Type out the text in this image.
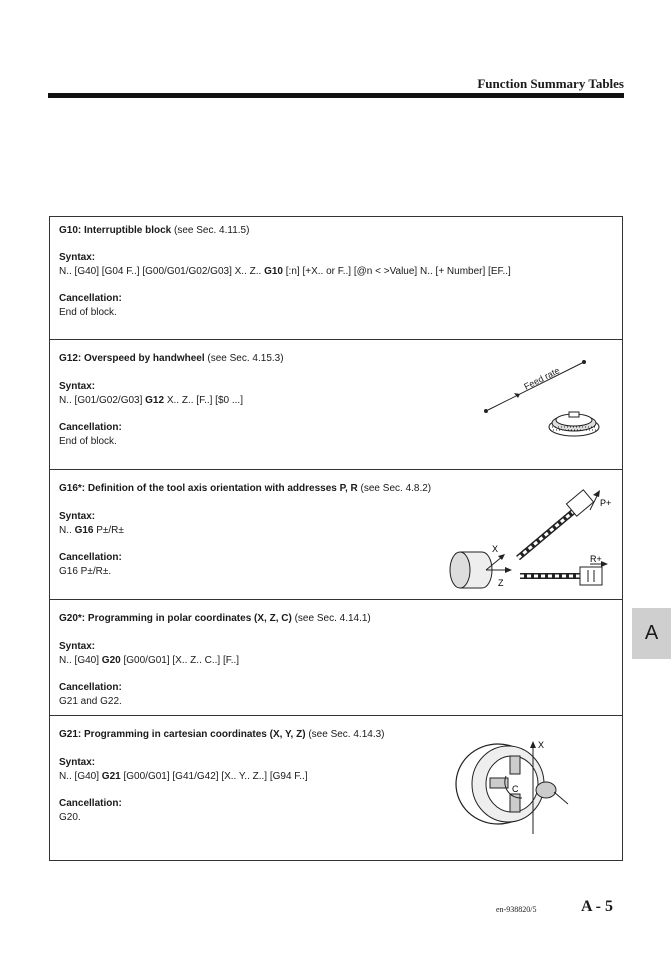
Function Summary Tables
G10: Interruptible block (see Sec. 4.11.5)
Syntax:
N.. [G40] [G04 F..] [G00/G01/G02/G03] X.. Z.. G10 [:n] [+X.. or F..] [@n < >Value] N.. [+ Number] [EF..]
Cancellation:
End of block.
G12: Overspeed by handwheel (see Sec. 4.15.3)
Syntax:
N.. [G01/G02/G03] G12 X.. Z.. [F..] [$0 ...]
Cancellation:
End of block.
Feed rate
G16*: Definition of the tool axis orientation with addresses P, R (see Sec. 4.8.2)
Syntax:
N.. G16 P±/R±
Cancellation:
G16 P±/R±.
X
Z
P+
R+
G20*: Programming in polar coordinates (X, Z, C) (see Sec. 4.14.1)
Syntax:
N.. [G40] G20 [G00/G01] [X.. Z.. C..] [F..]
Cancellation:
G21 and G22.
G21: Programming in cartesian coordinates (X, Y, Z) (see Sec. 4.14.3)
Syntax:
N.. [G40] G21 [G00/G01] [G41/G42] [X.. Y.. Z..] [G94 F..]
Cancellation:
G20.
X
C
A
en-938820/5	A - 5
